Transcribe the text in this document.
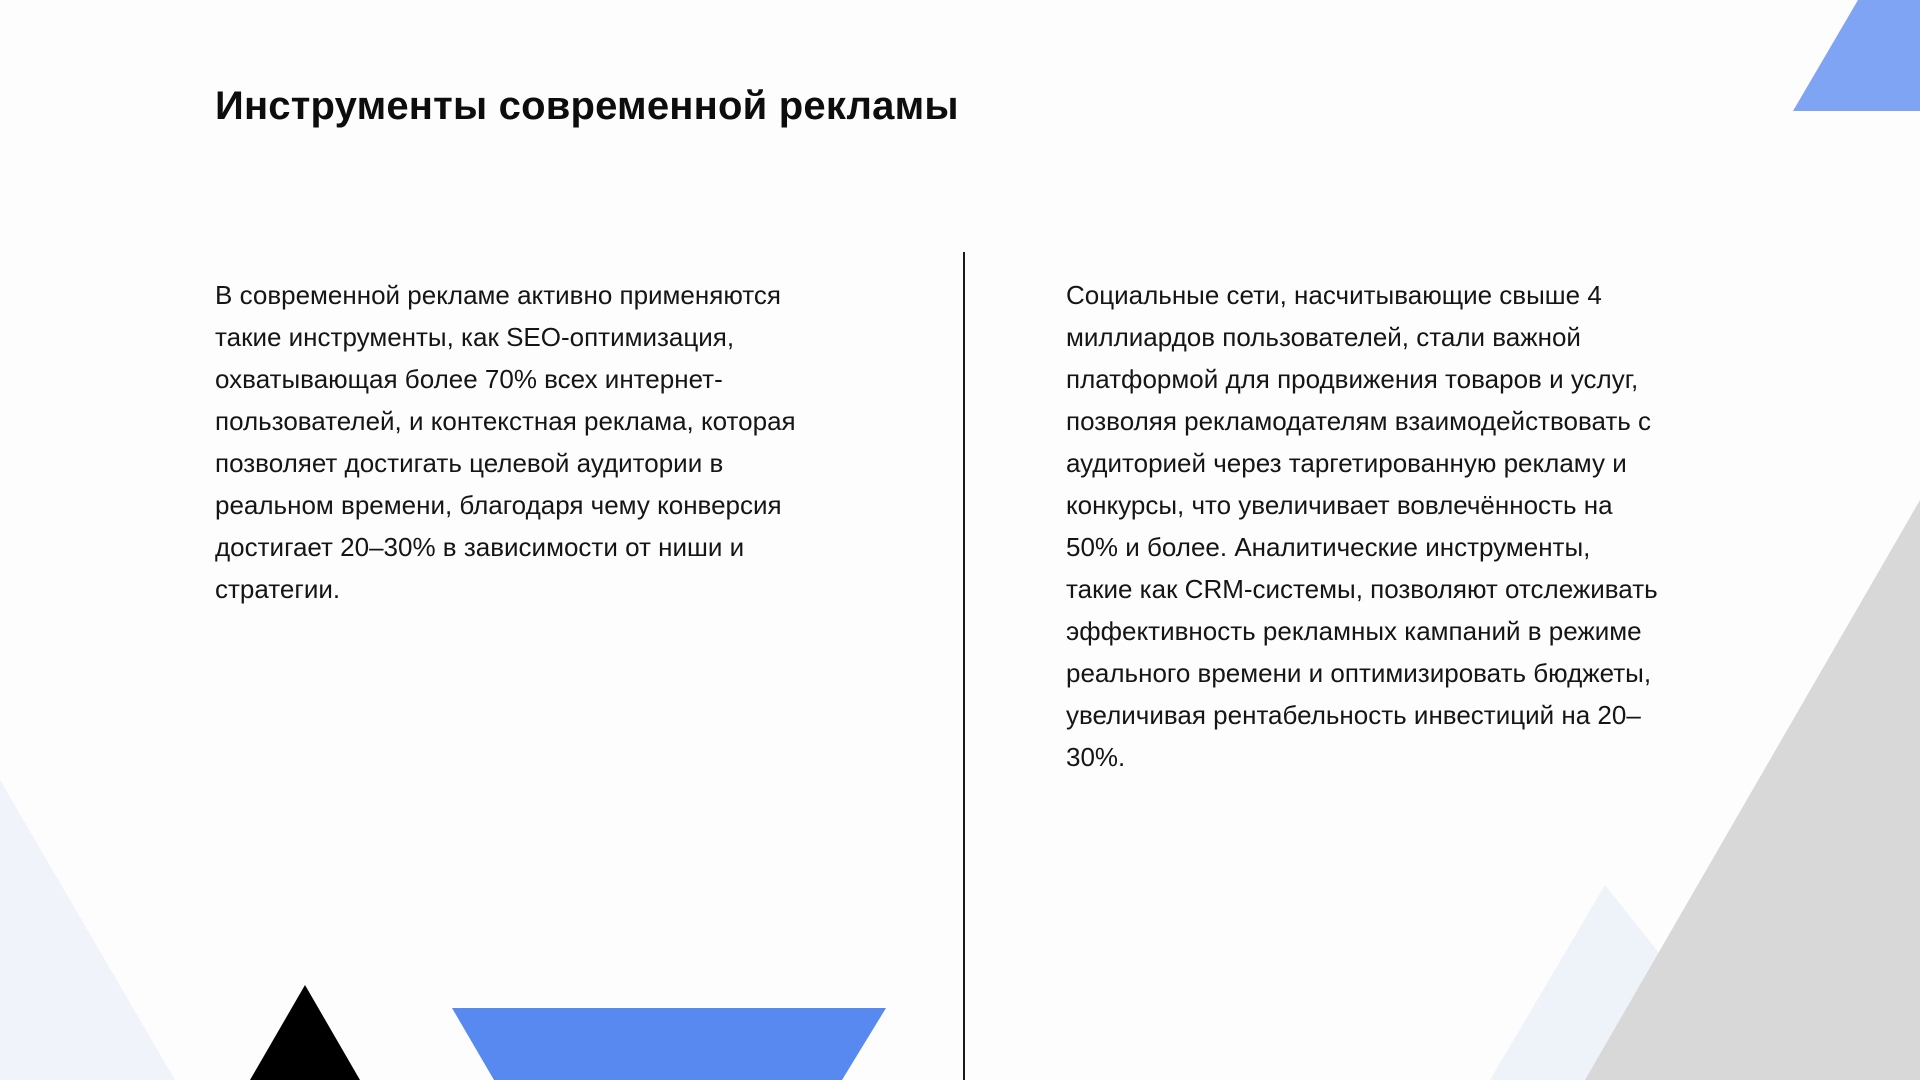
Инструменты современной рекламы

В современной рекламе активно применяются
такие инструменты, как SEO-оптимизация,
охватывающая более 70% всех интернет-
пользователей, и контекстная реклама, которая
позволяет достигать целевой аудитории в
реальном времени, благодаря чему конверсия
достигает 20–30% в зависимости от ниши и
стратегии.

Социальные сети, насчитывающие свыше 4
миллиардов пользователей, стали важной
платформой для продвижения товаров и услуг,
позволяя рекламодателям взаимодействовать с
аудиторией через таргетированную рекламу и
конкурсы, что увеличивает вовлечённость на
50% и более. Аналитические инструменты,
такие как CRM-системы, позволяют отслеживать
эффективность рекламных кампаний в режиме
реального времени и оптимизировать бюджеты,
увеличивая рентабельность инвестиций на 20–
30%.
